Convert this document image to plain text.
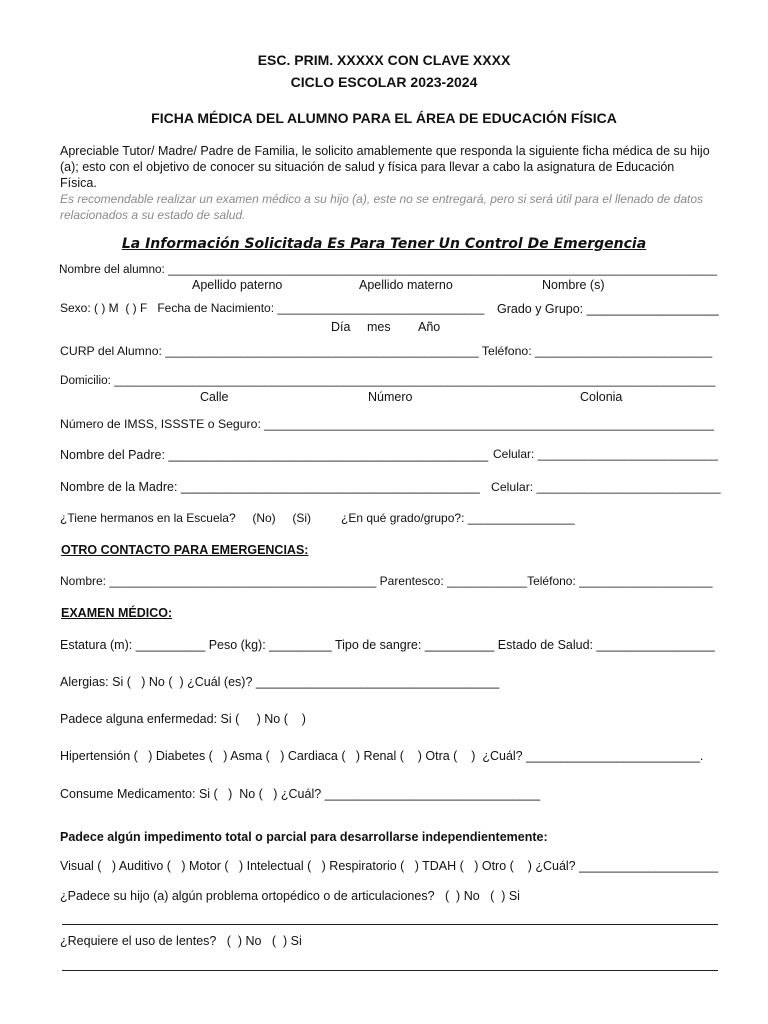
ESC. PRIM. XXXXX CON CLAVE XXXX
CICLO ESCOLAR 2023-2024
FICHA MÉDICA DEL ALUMNO PARA EL ÁREA DE EDUCACIÓN FÍSICA
Apreciable Tutor/ Madre/ Padre de Familia, le solicito amablemente que responda la siguiente ficha médica de su hijo (a); esto con el objetivo de conocer su situación de salud y física para llevar a cabo la asignatura de Educación Física.
Es recomendable realizar un examen médico a su hijo (a), este no se entregará, pero si será útil para el llenado de datos relacionados a su estado de salud.
La Información Solicitada Es Para Tener Un Control De Emergencia
Nombre del alumno: ____________________________________________________________________________________
Apellido paterno	Apellido materno	Nombre (s)
Sexo: ( ) M  ( ) F   Fecha de Nacimiento: _______________________________ Grado y Grupo: ___________________
Día mes Año
CURP del Alumno: ______________________________________________ Teléfono: __________________________
Domicilio: ____________________________________________________________________________________________
Calle	Número	Colonia
Número de IMSS, ISSSTE o Seguro: __________________________________________________________________
Nombre del Padre: ______________________________________________ Celular: ___________________________
Nombre de la Madre: ___________________________________________ Celular: ___________________________
¿Tiene hermanos en la Escuela?     (No)     (Si)         ¿En qué grado/grupo?: ________________
OTRO CONTACTO PARA EMERGENCIAS:
Nombre: ________________________________________ Parentesco: ____________Teléfono: ____________________
EXAMEN MÉDICO:
Estatura (m): __________ Peso (kg): _________ Tipo de sangre: __________ Estado de Salud: _________________
Alergias: Si (   ) No (  ) ¿Cuál (es)? ___________________________________
Padece alguna enfermedad: Si (     ) No (    )
Hipertensión (   ) Diabetes (   ) Asma (   ) Cardiaca (   ) Renal (    ) Otra (    )  ¿Cuál? _________________________.
Consume Medicamento: Si (   )  No (   ) ¿Cuál? _______________________________
Padece algún impedimento total o parcial para desarrollarse independientemente:
Visual (   ) Auditivo (   ) Motor (   ) Intelectual (   ) Respiratorio (   ) TDAH (   ) Otro (    ) ¿Cuál? ____________________
¿Padece su hijo (a) algún problema ortopédico o de articulaciones?   (  ) No   (  ) Si
¿Requiere el uso de lentes?   (  ) No   (  ) Si
